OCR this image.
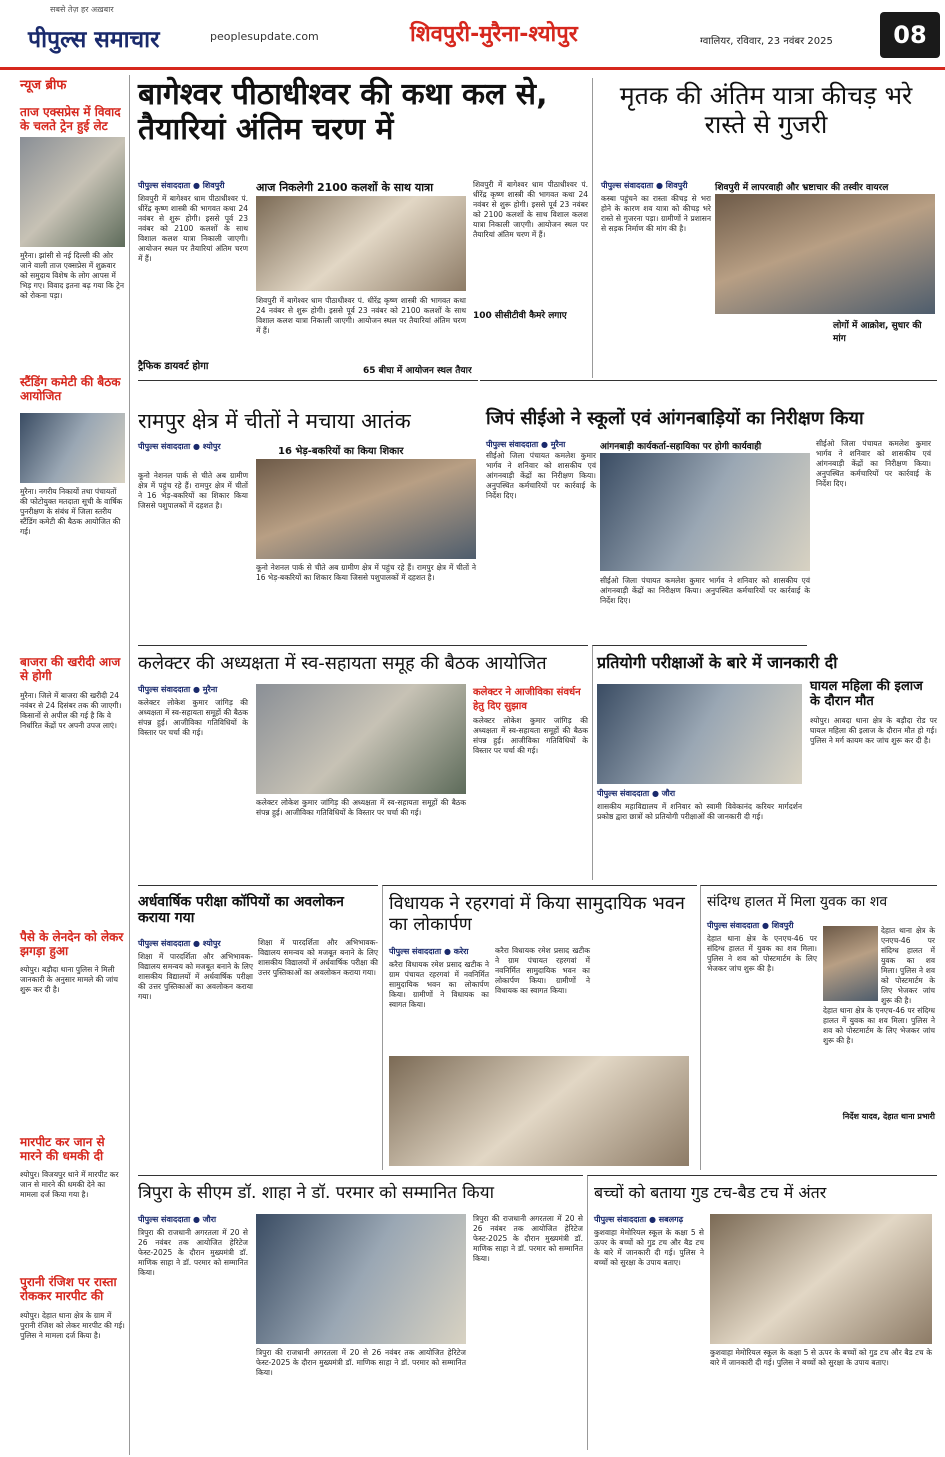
सबसे तेज़ हर अख़बार
पीपुल्स समाचार	peoplesupdate.com	शिवपुरी-मुरैना-श्योपुर	ग्वालियर, रविवार, 23 नवंबर 2025	08
न्यूज ब्रीफ
ताज एक्सप्रेस में विवाद के चलते ट्रेन हुई लेट
मुरैना। झांसी से नई दिल्ली की ओर जाने वाली ताज एक्सप्रेस में शुक्रवार को समुदाय विशेष के लोग आपस में भिड़ गए। विवाद इतना बढ़ गया कि ट्रेन को रोकना पड़ा।
स्टैंडिंग कमेटी की बैठक आयोजित
मुरैना। नगरीय निकायों तथा पंचायतों की फोटोयुक्त मतदाता सूची के वार्षिक पुनरीक्षण के संबंध में जिला स्तरीय स्टैंडिंग कमेटी की बैठक आयोजित की गई।
बाजरा की खरीदी आज से होगी
मुरैना। जिले में बाजरा की खरीदी 24 नवंबर से 24 दिसंबर तक की जाएगी। किसानों से अपील की गई है कि वे निर्धारित केंद्रों पर अपनी उपज लाएं।
पैसे के लेनदेन को लेकर झगड़ा हुआ
श्योपुर। बड़ौदा थाना पुलिस ने मिली जानकारी के अनुसार मामले की जांच शुरू कर दी है।
मारपीट कर जान से मारने की धमकी दी
श्योपुर। विजयपुर थाने में मारपीट कर जान से मारने की धमकी देने का मामला दर्ज किया गया है।
पुरानी रंजिश पर रास्ता रोककर मारपीट की
श्योपुर। देहात थाना क्षेत्र के ग्राम में पुरानी रंजिश को लेकर मारपीट की गई। पुलिस ने मामला दर्ज किया है।
बागेश्वर पीठाधीश्वर की कथा कल से, तैयारियां अंतिम चरण में
पीपुल्स संवाददाता ● शिवपुरी
शिवपुरी में बागेश्वर धाम पीठाधीश्वर पं. धीरेंद्र कृष्ण शास्त्री की भागवत कथा 24 नवंबर से शुरू होगी। इससे पूर्व 23 नवंबर को 2100 कलशों के साथ विशाल कलश यात्रा निकाली जाएगी। आयोजन स्थल पर तैयारियां अंतिम चरण में हैं।
आज निकलेगी 2100 कलशों के साथ यात्रा
ट्रैफिक डायवर्ट होगा
शिवपुरी में बागेश्वर धाम पीठाधीश्वर पं. धीरेंद्र कृष्ण शास्त्री की भागवत कथा 24 नवंबर से शुरू होगी। इससे पूर्व 23 नवंबर को 2100 कलशों के साथ विशाल कलश यात्रा निकाली जाएगी। आयोजन स्थल पर तैयारियां अंतिम चरण में हैं।
65 बीघा में आयोजन स्थल तैयार
शिवपुरी में बागेश्वर धाम पीठाधीश्वर पं. धीरेंद्र कृष्ण शास्त्री की भागवत कथा 24 नवंबर से शुरू होगी। इससे पूर्व 23 नवंबर को 2100 कलशों के साथ विशाल कलश यात्रा निकाली जाएगी। आयोजन स्थल पर तैयारियां अंतिम चरण में हैं।
100 सीसीटीवी कैमरे लगाए
मृतक की अंतिम यात्रा कीचड़ भरे रास्ते से गुजरी
पीपुल्स संवाददाता ● शिवपुरी
कस्बा पहुंचने का रास्ता कीचड़ से भरा होने के कारण शव यात्रा को कीचड़ भरे रास्ते से गुजरना पड़ा। ग्रामीणों ने प्रशासन से सड़क निर्माण की मांग की है।
शिवपुरी में लापरवाही और भ्रष्टाचार की तस्वीर वायरल
लोगों में आक्रोश, सुधार की मांग
रामपुर क्षेत्र में चीतों ने मचाया आतंक
पीपुल्स संवाददाता ● श्योपुर
कूनो नेशनल पार्क से चीते अब ग्रामीण क्षेत्र में पहुंच रहे हैं। रामपुर क्षेत्र में चीतों ने 16 भेड़-बकरियों का शिकार किया जिससे पशुपालकों में दहशत है।
16 भेड़-बकरियों का किया शिकार
कूनो नेशनल पार्क से चीते अब ग्रामीण क्षेत्र में पहुंच रहे हैं। रामपुर क्षेत्र में चीतों ने 16 भेड़-बकरियों का शिकार किया जिससे पशुपालकों में दहशत है।
जिपं सीईओ ने स्कूलों एवं आंगनबाड़ियों का निरीक्षण किया
पीपुल्स संवाददाता ● मुरैना
सीईओ जिला पंचायत कमलेश कुमार भार्गव ने शनिवार को शासकीय एवं आंगनबाड़ी केंद्रों का निरीक्षण किया। अनुपस्थित कर्मचारियों पर कार्रवाई के निर्देश दिए।
आंगनबाड़ी कार्यकर्ता-सहायिका पर होगी कार्यवाही
सीईओ जिला पंचायत कमलेश कुमार भार्गव ने शनिवार को शासकीय एवं आंगनबाड़ी केंद्रों का निरीक्षण किया। अनुपस्थित कर्मचारियों पर कार्रवाई के निर्देश दिए।
सीईओ जिला पंचायत कमलेश कुमार भार्गव ने शनिवार को शासकीय एवं आंगनबाड़ी केंद्रों का निरीक्षण किया। अनुपस्थित कर्मचारियों पर कार्रवाई के निर्देश दिए।
कलेक्टर की अध्यक्षता में स्व-सहायता समूह की बैठक आयोजित
पीपुल्स संवाददाता ● मुरैना
कलेक्टर लोकेश कुमार जांगिड़ की अध्यक्षता में स्व-सहायता समूहों की बैठक संपन्न हुई। आजीविका गतिविधियों के विस्तार पर चर्चा की गई।
कलेक्टर लोकेश कुमार जांगिड़ की अध्यक्षता में स्व-सहायता समूहों की बैठक संपन्न हुई। आजीविका गतिविधियों के विस्तार पर चर्चा की गई।
कलेक्टर ने आजीविका संवर्धन हेतु दिए सुझाव
कलेक्टर लोकेश कुमार जांगिड़ की अध्यक्षता में स्व-सहायता समूहों की बैठक संपन्न हुई। आजीविका गतिविधियों के विस्तार पर चर्चा की गई।
प्रतियोगी परीक्षाओं के बारे में जानकारी दी
पीपुल्स संवाददाता ● जौरा
शासकीय महाविद्यालय में शनिवार को स्वामी विवेकानंद करियर मार्गदर्शन प्रकोष्ठ द्वारा छात्रों को प्रतियोगी परीक्षाओं की जानकारी दी गई।
घायल महिला की इलाज के दौरान मौत
श्योपुर। आवदा थाना क्षेत्र के बड़ौदा रोड पर घायल महिला की इलाज के दौरान मौत हो गई। पुलिस ने मर्ग कायम कर जांच शुरू कर दी है।
अर्धवार्षिक परीक्षा कॉपियों का अवलोकन कराया गया
पीपुल्स संवाददाता ● श्योपुर
शिक्षा में पारदर्शिता और अभिभावक-विद्यालय समन्वय को मजबूत बनाने के लिए शासकीय विद्यालयों में अर्धवार्षिक परीक्षा की उत्तर पुस्तिकाओं का अवलोकन कराया गया।
शिक्षा में पारदर्शिता और अभिभावक-विद्यालय समन्वय को मजबूत बनाने के लिए शासकीय विद्यालयों में अर्धवार्षिक परीक्षा की उत्तर पुस्तिकाओं का अवलोकन कराया गया।
विधायक ने रहरगवां में किया सामुदायिक भवन का लोकार्पण
पीपुल्स संवाददाता ● करेरा
करैरा विधायक रमेश प्रसाद खटीक ने ग्राम पंचायत रहरगवां में नवनिर्मित सामुदायिक भवन का लोकार्पण किया। ग्रामीणों ने विधायक का स्वागत किया।
करैरा विधायक रमेश प्रसाद खटीक ने ग्राम पंचायत रहरगवां में नवनिर्मित सामुदायिक भवन का लोकार्पण किया। ग्रामीणों ने विधायक का स्वागत किया।
संदिग्ध हालत में मिला युवक का शव
पीपुल्स संवाददाता ● शिवपुरी
देहात थाना क्षेत्र के एनएच-46 पर संदिग्ध हालत में युवक का शव मिला। पुलिस ने शव को पोस्टमार्टम के लिए भेजकर जांच शुरू की है।
देहात थाना क्षेत्र के एनएच-46 पर संदिग्ध हालत में युवक का शव मिला। पुलिस ने शव को पोस्टमार्टम के लिए भेजकर जांच शुरू की है।
देहात थाना क्षेत्र के एनएच-46 पर संदिग्ध हालत में युवक का शव मिला। पुलिस ने शव को पोस्टमार्टम के लिए भेजकर जांच शुरू की है।
निर्देश यादव, देहात थाना प्रभारी
त्रिपुरा के सीएम डॉ. शाहा ने डॉ. परमार को सम्मानित किया
पीपुल्स संवाददाता ● जौरा
त्रिपुरा की राजधानी अगरतला में 20 से 26 नवंबर तक आयोजित हेरिटेज फेस्ट-2025 के दौरान मुख्यमंत्री डॉ. माणिक साहा ने डॉ. परमार को सम्मानित किया।
त्रिपुरा की राजधानी अगरतला में 20 से 26 नवंबर तक आयोजित हेरिटेज फेस्ट-2025 के दौरान मुख्यमंत्री डॉ. माणिक साहा ने डॉ. परमार को सम्मानित किया।
त्रिपुरा की राजधानी अगरतला में 20 से 26 नवंबर तक आयोजित हेरिटेज फेस्ट-2025 के दौरान मुख्यमंत्री डॉ. माणिक साहा ने डॉ. परमार को सम्मानित किया।
बच्चों को बताया गुड टच-बैड टच में अंतर
पीपुल्स संवाददाता ● सबलगढ़
कुशवाहा मेमोरियल स्कूल के कक्षा 5 से ऊपर के बच्चों को गुड टच और बैड टच के बारे में जानकारी दी गई। पुलिस ने बच्चों को सुरक्षा के उपाय बताए।
कुशवाहा मेमोरियल स्कूल के कक्षा 5 से ऊपर के बच्चों को गुड टच और बैड टच के बारे में जानकारी दी गई। पुलिस ने बच्चों को सुरक्षा के उपाय बताए।
